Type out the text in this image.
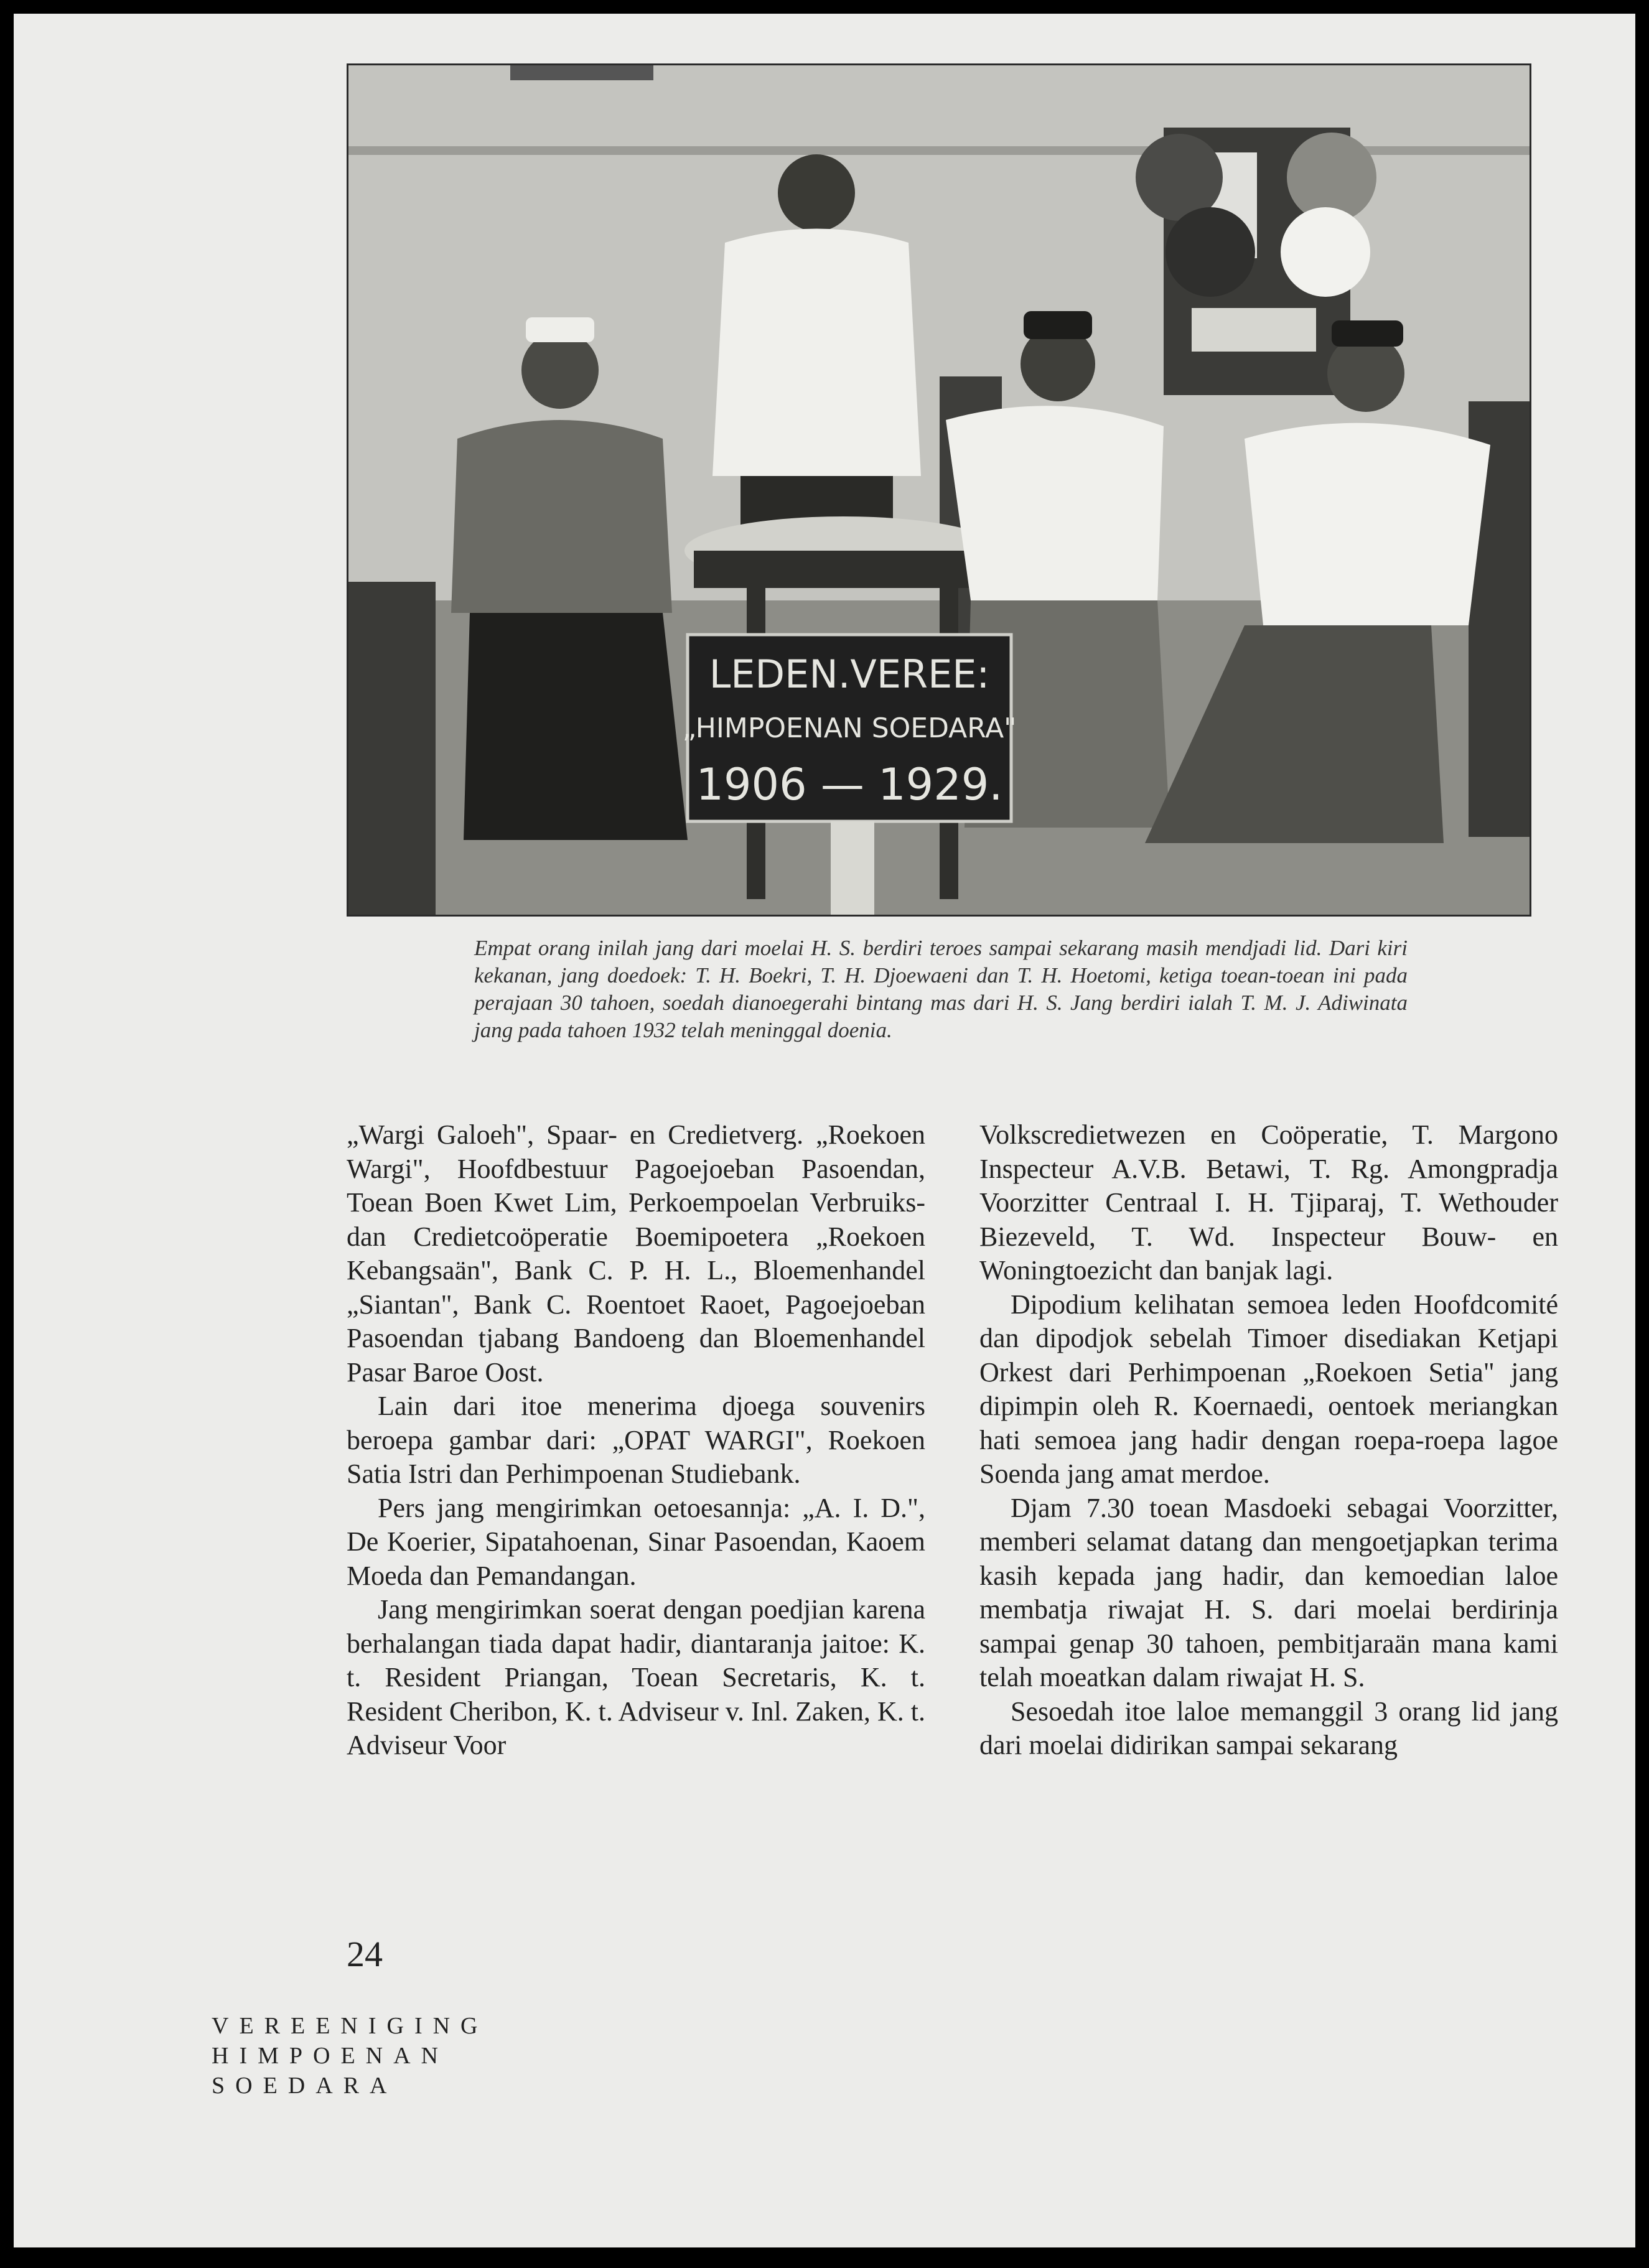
LEDEN.VEREE:
„HIMPOENAN SOEDARA"
1906 — 1929.

Empat orang inilah jang dari moelai H. S. berdiri teroes sampai sekarang masih mendjadi lid. Dari kiri kekanan, jang doedoek: T. H. Boekri, T. H. Djoewaeni dan T. H. Hoetomi, ketiga toean-toean ini pada perajaan 30 tahoen, soedah dianoegerahi bintang mas dari H. S. Jang berdiri ialah T. M. J. Adiwinata jang pada tahoen 1932 telah meninggal doenia.

„Wargi Galoeh", Spaar- en Credietverg. „Roekoen Wargi", Hoofdbestuur Pagoejoeban Pasoendan, Toean Boen Kwet Lim, Perkoempoelan Verbruiks-dan Credietcoöperatie Boemipoetera „Roekoen Kebangsaän", Bank C. P. H. L., Bloemenhandel „Siantan", Bank C. Roentoet Raoet, Pagoejoeban Pasoendan tjabang Bandoeng dan Bloemenhandel Pasar Baroe Oost.

Lain dari itoe menerima djoega souvenirs beroepa gambar dari: „OPAT WARGI", Roekoen Satia Istri dan Perhimpoenan Studiebank.

Pers jang mengirimkan oetoesannja: „A. I. D.", De Koerier, Sipatahoenan, Sinar Pasoendan, Kaoem Moeda dan Pemandangan.

Jang mengirimkan soerat dengan poedjian karena berhalangan tiada dapat hadir, diantaranja jaitoe: K. t. Resident Priangan, Toean Secretaris, K. t. Resident Cheribon, K. t. Adviseur v. Inl. Zaken, K. t. Adviseur Voor

Volkscredietwezen en Coöperatie, T. Margono Inspecteur A.V.B. Betawi, T. Rg. Amongpradja Voorzitter Centraal I. H. Tjiparaj, T. Wethouder Biezeveld, T. Wd. Inspecteur Bouw- en Woningtoezicht dan banjak lagi.

Dipodium kelihatan semoea leden Hoofdcomité dan dipodjok sebelah Timoer disediakan Ketjapi Orkest dari Perhimpoenan „Roekoen Setia" jang dipimpin oleh R. Koernaedi, oentoek meriangkan hati semoea jang hadir dengan roepa-roepa lagoe Soenda jang amat merdoe.

Djam 7.30 toean Masdoeki sebagai Voorzitter, memberi selamat datang dan mengoetjapkan terima kasih kepada jang hadir, dan kemoedian laloe membatja riwajat H. S. dari moelai berdirinja sampai genap 30 tahoen, pembitjaraän mana kami telah moeatkan dalam riwajat H. S.

Sesoedah itoe laloe memanggil 3 orang lid jang dari moelai didirikan sampai sekarang

24
VEREENIGING
HIMPOENAN
SOEDARA
